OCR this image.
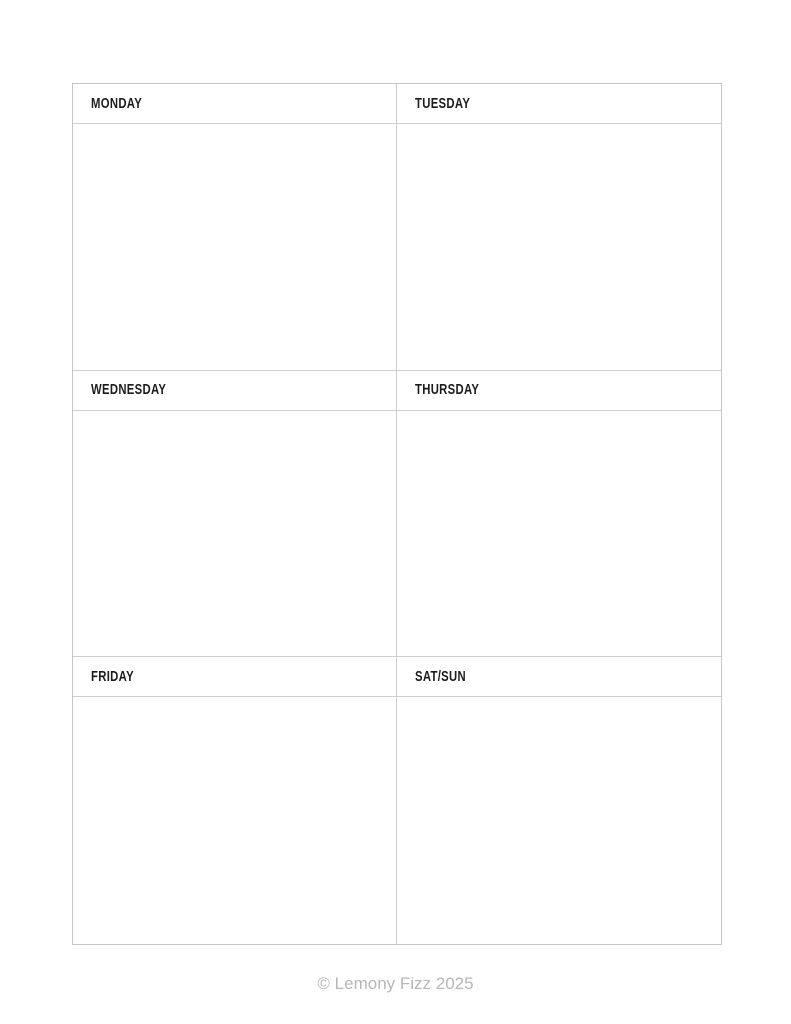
MONDAY	TUESDAY
WEDNESDAY	THURSDAY
FRIDAY	SAT/SUN
© Lemony Fizz 2025
